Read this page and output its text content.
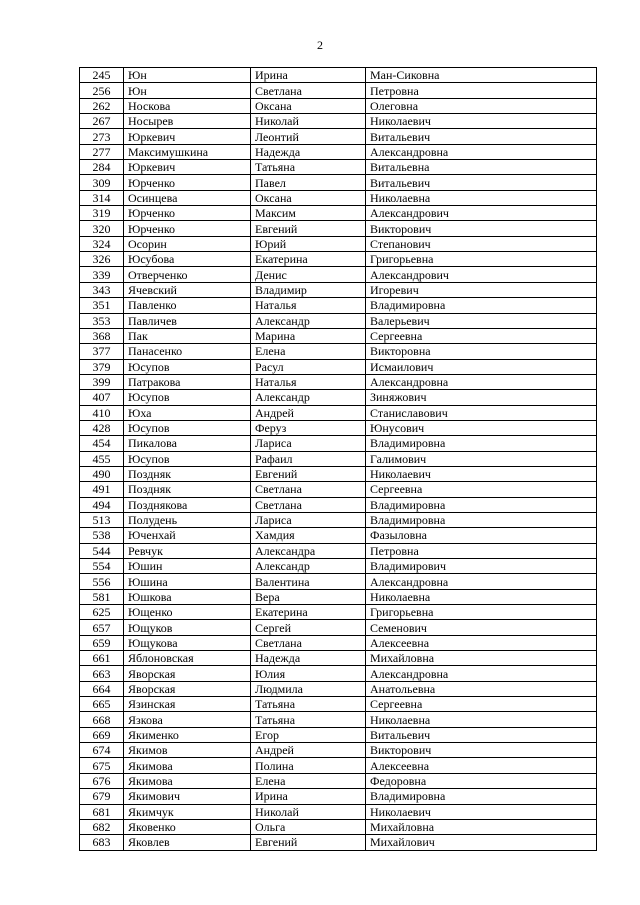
2
245	Юн	Ирина	Ман-Сиковна
256	Юн	Светлана	Петровна
262	Носкова	Оксана	Олеговна
267	Носырев	Николай	Николаевич
273	Юркевич	Леонтий	Витальевич
277	Максимушкина	Надежда	Александровна
284	Юркевич	Татьяна	Витальевна
309	Юрченко	Павел	Витальевич
314	Осинцева	Оксана	Николаевна
319	Юрченко	Максим	Александрович
320	Юрченко	Евгений	Викторович
324	Осорин	Юрий	Степанович
326	Юсубова	Екатерина	Григорьевна
339	Отверченко	Денис	Александрович
343	Ячевский	Владимир	Игоревич
351	Павленко	Наталья	Владимировна
353	Павличев	Александр	Валерьевич
368	Пак	Марина	Сергеевна
377	Панасенко	Елена	Викторовна
379	Юсупов	Расул	Исмаилович
399	Патракова	Наталья	Александровна
407	Юсупов	Александр	Зиняжович
410	Юха	Андрей	Станиславович
428	Юсупов	Феруз	Юнусович
454	Пикалова	Лариса	Владимировна
455	Юсупов	Рафаил	Галимович
490	Поздняк	Евгений	Николаевич
491	Поздняк	Светлана	Сергеевна
494	Позднякова	Светлана	Владимировна
513	Полудень	Лариса	Владимировна
538	Юченхай	Хамдия	Фазыловна
544	Ревчук	Александра	Петровна
554	Юшин	Александр	Владимирович
556	Юшина	Валентина	Александровна
581	Юшкова	Вера	Николаевна
625	Ющенко	Екатерина	Григорьевна
657	Ющуков	Сергей	Семенович
659	Ющукова	Светлана	Алексеевна
661	Яблоновская	Надежда	Михайловна
663	Яворская	Юлия	Александровна
664	Яворская	Людмила	Анатольевна
665	Язинская	Татьяна	Сергеевна
668	Язкова	Татьяна	Николаевна
669	Якименко	Егор	Витальевич
674	Якимов	Андрей	Викторович
675	Якимова	Полина	Алексеевна
676	Якимова	Елена	Федоровна
679	Якимович	Ирина	Владимировна
681	Якимчук	Николай	Николаевич
682	Яковенко	Ольга	Михайловна
683	Яковлев	Евгений	Михайлович
